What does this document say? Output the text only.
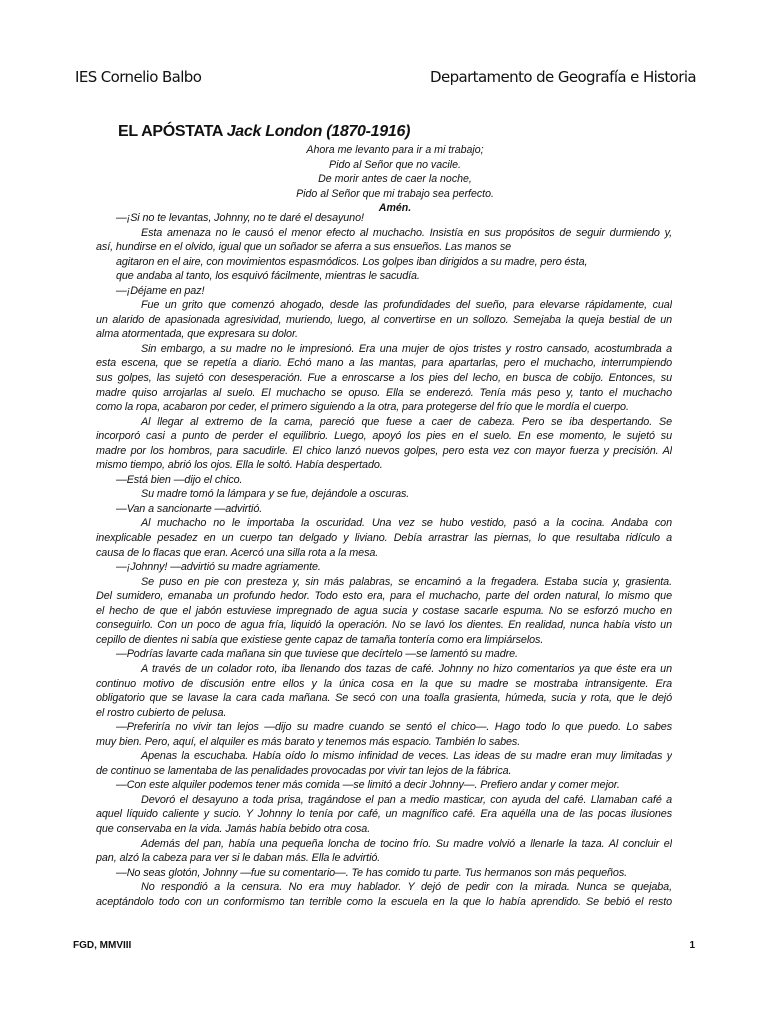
IES Cornelio Balbo	Departamento de Geografía e Historia
EL APÓSTATA Jack London (1870-1916)
Ahora me levanto para ir a mi trabajo;
Pido al Señor que no vacile.
De morir antes de caer la noche,
Pido al Señor que mi trabajo sea perfecto.
Amén.
—¡Si no te levantas, Johnny, no te daré el desayuno!
Esta amenaza no le causó el menor efecto al muchacho. Insistía en sus propósitos de seguir durmiendo y,
así, hundirse en el olvido, igual que un soñador se aferra a sus ensueños. Las manos se
agitaron en el aire, con movimientos espasmódicos. Los golpes iban dirigidos a su madre, pero ésta,
que andaba al tanto, los esquivó fácilmente, mientras le sacudía.
—¡Déjame en paz!
Fue un grito que comenzó ahogado, desde las profundidades del sueño, para elevarse rápidamente, cual
un alarido de apasionada agresividad, muriendo, luego, al convertirse en un sollozo. Semejaba la queja bestial de un
alma atormentada, que expresara su dolor.
Sin embargo, a su madre no le impresionó. Era una mujer de ojos tristes y rostro cansado, acostumbrada a
esta escena, que se repetía a diario. Echó mano a las mantas, para apartarlas, pero el muchacho, interrumpiendo
sus golpes, las sujetó con desesperación. Fue a enroscarse a los pies del lecho, en busca de cobijo. Entonces, su
madre quiso arrojarlas al suelo. El muchacho se opuso. Ella se enderezó. Tenía más peso y, tanto el muchacho
como la ropa, acabaron por ceder, el primero siguiendo a la otra, para protegerse del frío que le mordía el cuerpo.
Al llegar al extremo de la cama, pareció que fuese a caer de cabeza. Pero se iba despertando. Se
incorporó casi a punto de perder el equilibrio. Luego, apoyó los pies en el suelo. En ese momento, le sujetó su
madre por los hombros, para sacudirle. El chico lanzó nuevos golpes, pero esta vez con mayor fuerza y precisión. Al
mismo tiempo, abrió los ojos. Ella le soltó. Había despertado.
—Está bien —dijo el chico.
Su madre tomó la lámpara y se fue, dejándole a oscuras.
—Van a sancionarte —advirtió.
Al muchacho no le importaba la oscuridad. Una vez se hubo vestido, pasó a la cocina. Andaba con
inexplicable pesadez en un cuerpo tan delgado y liviano. Debía arrastrar las piernas, lo que resultaba ridículo a
causa de lo flacas que eran. Acercó una silla rota a la mesa.
—¡Johnny! —advirtió su madre agriamente.
Se puso en pie con presteza y, sin más palabras, se encaminó a la fregadera. Estaba sucia y, grasienta.
Del sumidero, emanaba un profundo hedor. Todo esto era, para el muchacho, parte del orden natural, lo mismo que
el hecho de que el jabón estuviese impregnado de agua sucia y costase sacarle espuma. No se esforzó mucho en
conseguirlo. Con un poco de agua fría, liquidó la operación. No se lavó los dientes. En realidad, nunca había visto un
cepillo de dientes ni sabía que existiese gente capaz de tamaña tontería como era limpiárselos.
—Podrías lavarte cada mañana sin que tuviese que decírtelo —se lamentó su madre.
A través de un colador roto, iba llenando dos tazas de café. Johnny no hizo comentarios ya que éste era un
continuo motivo de discusión entre ellos y la única cosa en la que su madre se mostraba intransigente. Era
obligatorio que se lavase la cara cada mañana. Se secó con una toalla grasienta, húmeda, sucia y rota, que le dejó
el rostro cubierto de pelusa.
—Preferiría no vivir tan lejos —dijo su madre cuando se sentó el chico—. Hago todo lo que puedo. Lo sabes
muy bien. Pero, aquí, el alquiler es más barato y tenemos más espacio. También lo sabes.
Apenas la escuchaba. Había oído lo mismo infinidad de veces. Las ideas de su madre eran muy limitadas y
de continuo se lamentaba de las penalidades provocadas por vivir tan lejos de la fábrica.
—Con este alquiler podemos tener más comida —se limitó a decir Johnny—. Prefiero andar y comer mejor.
Devoró el desayuno a toda prisa, tragándose el pan a medio masticar, con ayuda del café. Llamaban café a
aquel líquido caliente y sucio. Y Johnny lo tenía por café, un magnífico café. Era aquélla una de las pocas ilusiones
que conservaba en la vida. Jamás había bebido otra cosa.
Además del pan, había una pequeña loncha de tocino frío. Su madre volvió a llenarle la taza. Al concluir el
pan, alzó la cabeza para ver si le daban más. Ella le advirtió.
—No seas glotón, Johnny —fue su comentario—. Te has comido tu parte. Tus hermanos son más pequeños.
No respondió a la censura. No era muy hablador. Y dejó de pedir con la mirada. Nunca se quejaba,
aceptándolo todo con un conformismo tan terrible como la escuela en la que lo había aprendido. Se bebió el resto
FGD, MMVIII	1
